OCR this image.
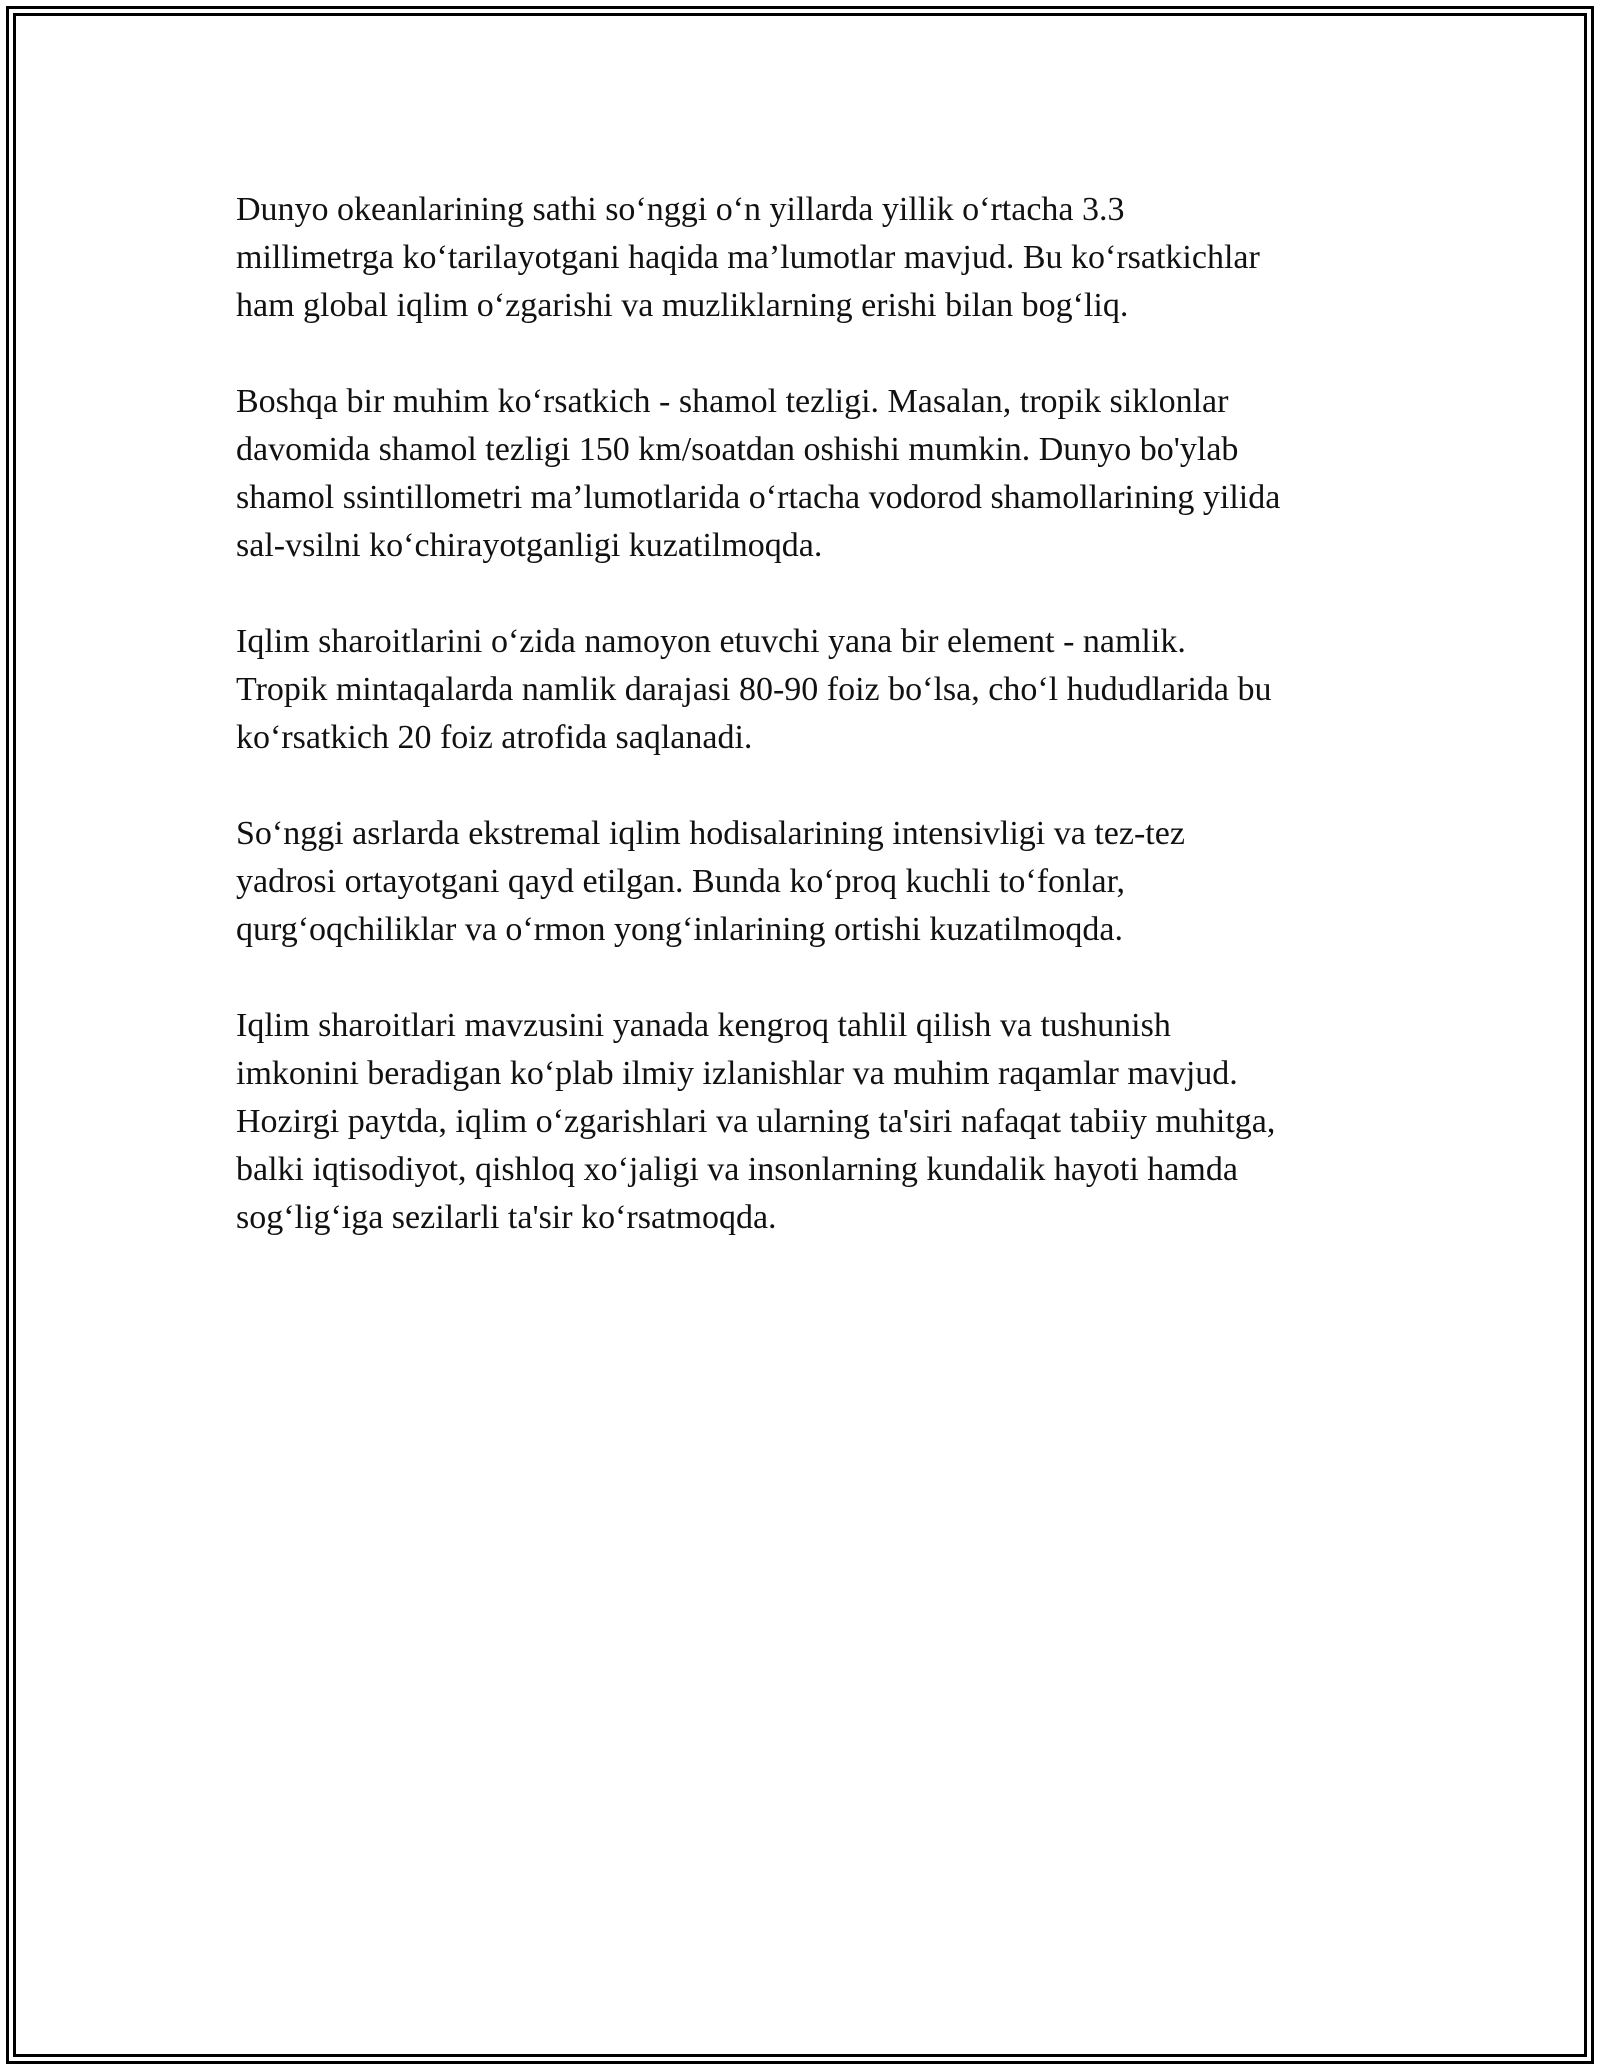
Dunyo okeanlarining sathi so‘nggi o‘n yillarda yillik o‘rtacha 3.3
millimetrga ko‘tarilayotgani haqida ma’lumotlar mavjud. Bu ko‘rsatkichlar
ham global iqlim o‘zgarishi va muzliklarning erishi bilan bog‘liq.

Boshqa bir muhim ko‘rsatkich - shamol tezligi. Masalan, tropik siklonlar
davomida shamol tezligi 150 km/soatdan oshishi mumkin. Dunyo bo'ylab
shamol ssintillometri ma’lumotlarida o‘rtacha vodorod shamollarining yilida
sal-vsilni ko‘chirayotganligi kuzatilmoqda.

Iqlim sharoitlarini o‘zida namoyon etuvchi yana bir element - namlik.
Tropik mintaqalarda namlik darajasi 80-90 foiz bo‘lsa, cho‘l hududlarida bu
ko‘rsatkich 20 foiz atrofida saqlanadi.

So‘nggi asrlarda ekstremal iqlim hodisalarining intensivligi va tez-tez
yadrosi ortayotgani qayd etilgan. Bunda ko‘proq kuchli to‘fonlar,
qurg‘oqchiliklar va o‘rmon yong‘inlarining ortishi kuzatilmoqda.

Iqlim sharoitlari mavzusini yanada kengroq tahlil qilish va tushunish
imkonini beradigan ko‘plab ilmiy izlanishlar va muhim raqamlar mavjud.
Hozirgi paytda, iqlim o‘zgarishlari va ularning ta'siri nafaqat tabiiy muhitga,
balki iqtisodiyot, qishloq xo‘jaligi va insonlarning kundalik hayoti hamda
sog‘lig‘iga sezilarli ta'sir ko‘rsatmoqda.
